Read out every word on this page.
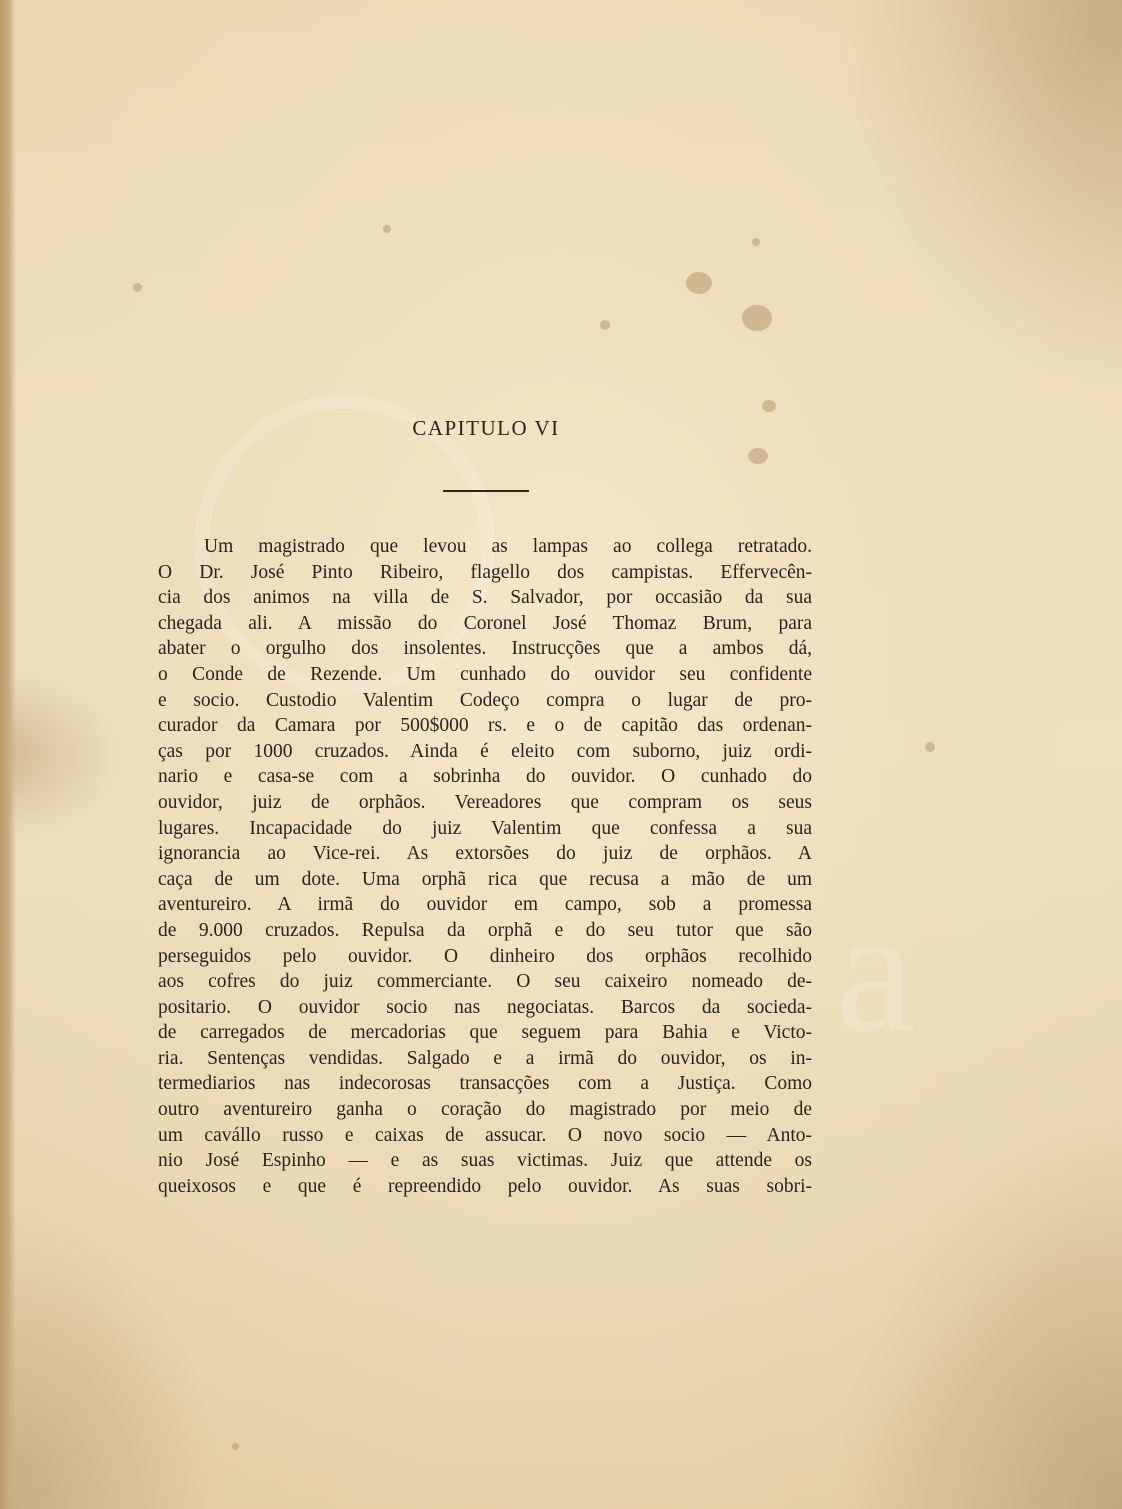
a
CAPITULO VI

Um magistrado que levou as lampas ao collega retratado.
O Dr. José Pinto Ribeiro, flagello dos campistas. Effervecên-
cia dos animos na villa de S. Salvador, por occasião da sua
chegada ali. A missão do Coronel José Thomaz Brum, para
abater o orgulho dos insolentes. Instrucções que a ambos dá,
o Conde de Rezende. Um cunhado do ouvidor seu confidente
e socio. Custodio Valentim Codeço compra o lugar de pro-
curador da Camara por 500$000 rs. e o de capitão das ordenan-
ças por 1000 cruzados. Ainda é eleito com suborno, juiz ordi-
nario e casa-se com a sobrinha do ouvidor. O cunhado do
ouvidor, juiz de orphãos. Vereadores que compram os seus
lugares. Incapacidade do juiz Valentim que confessa a sua
ignorancia ao Vice-rei. As extorsões do juiz de orphãos. A
caça de um dote. Uma orphã rica que recusa a mão de um
aventureiro. A irmã do ouvidor em campo, sob a promessa
de 9.000 cruzados. Repulsa da orphã e do seu tutor que são
perseguidos pelo ouvidor. O dinheiro dos orphãos recolhido
aos cofres do juiz commerciante. O seu caixeiro nomeado de-
positario. O ouvidor socio nas negociatas. Barcos da socieda-
de carregados de mercadorias que seguem para Bahia e Victo-
ria. Sentenças vendidas. Salgado e a irmã do ouvidor, os in-
termediarios nas indecorosas transacções com a Justiça. Como
outro aventureiro ganha o coração do magistrado por meio de
um cavállo russo e caixas de assucar. O novo socio — Anto-
nio José Espinho — e as suas victimas. Juiz que attende os
queixosos e que é repreendido pelo ouvidor. As suas sobri-
